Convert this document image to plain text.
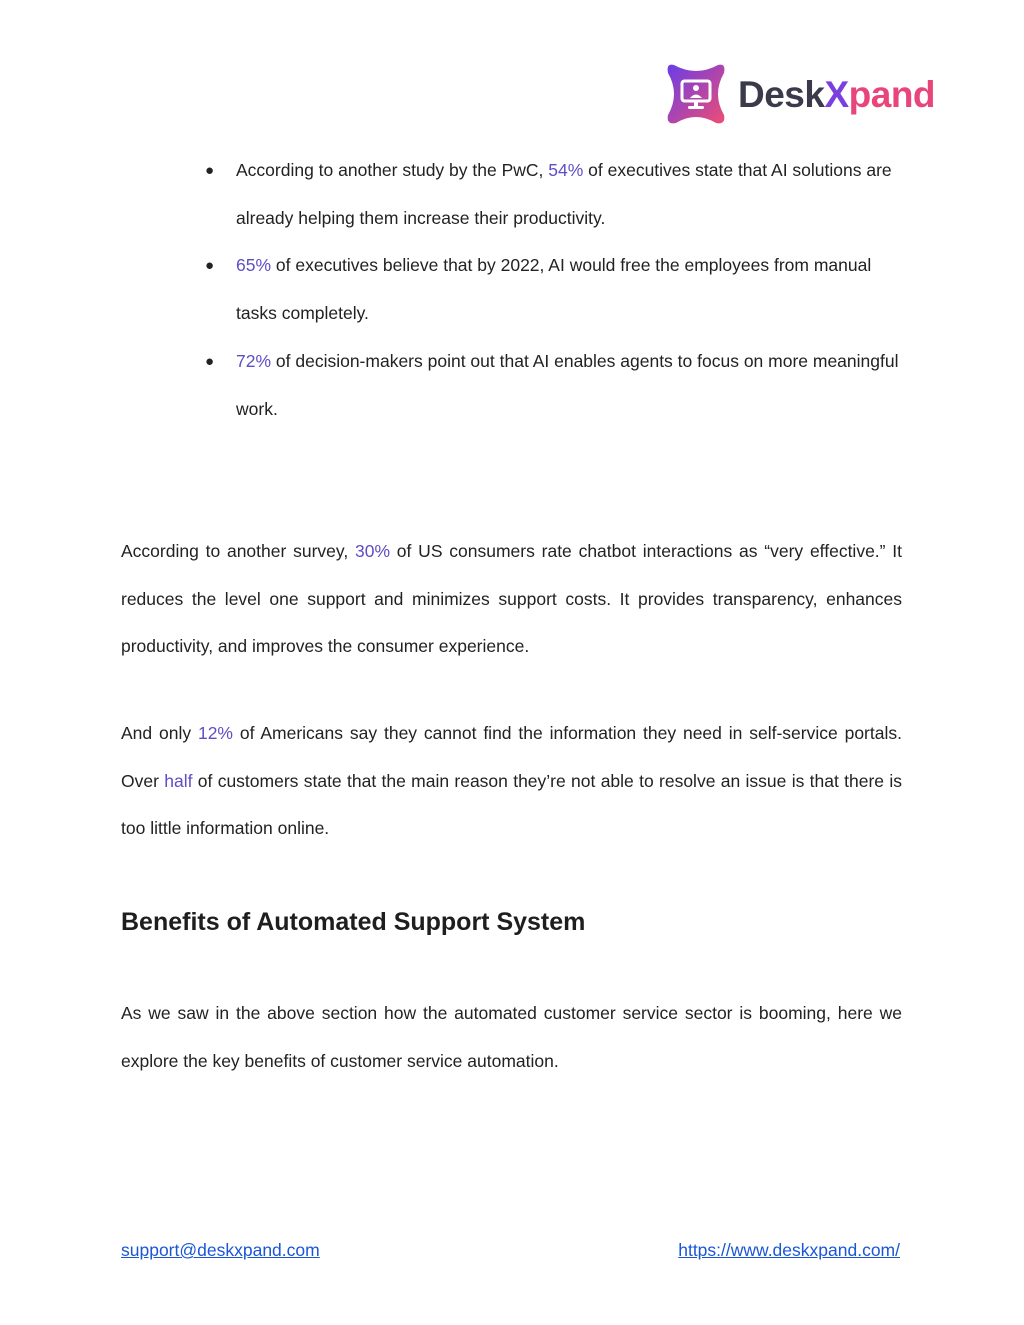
DeskXpand
● According to another study by the PwC, 54% of executives state that AI solutions are already helping them increase their productivity.
● 65% of executives believe that by 2022, AI would free the employees from manual tasks completely.
● 72% of decision-makers point out that AI enables agents to focus on more meaningful work.

According to another survey, 30% of US consumers rate chatbot interactions as “very effective.” It reduces the level one support and minimizes support costs. It provides transparency, enhances productivity, and improves the consumer experience.

And only 12% of Americans say they cannot find the information they need in self-service portals. Over half of customers state that the main reason they’re not able to resolve an issue is that there is too little information online.

Benefits of Automated Support System

As we saw in the above section how the automated customer service sector is booming, here we explore the key benefits of customer service automation.

support@deskxpand.com	https://www.deskxpand.com/
